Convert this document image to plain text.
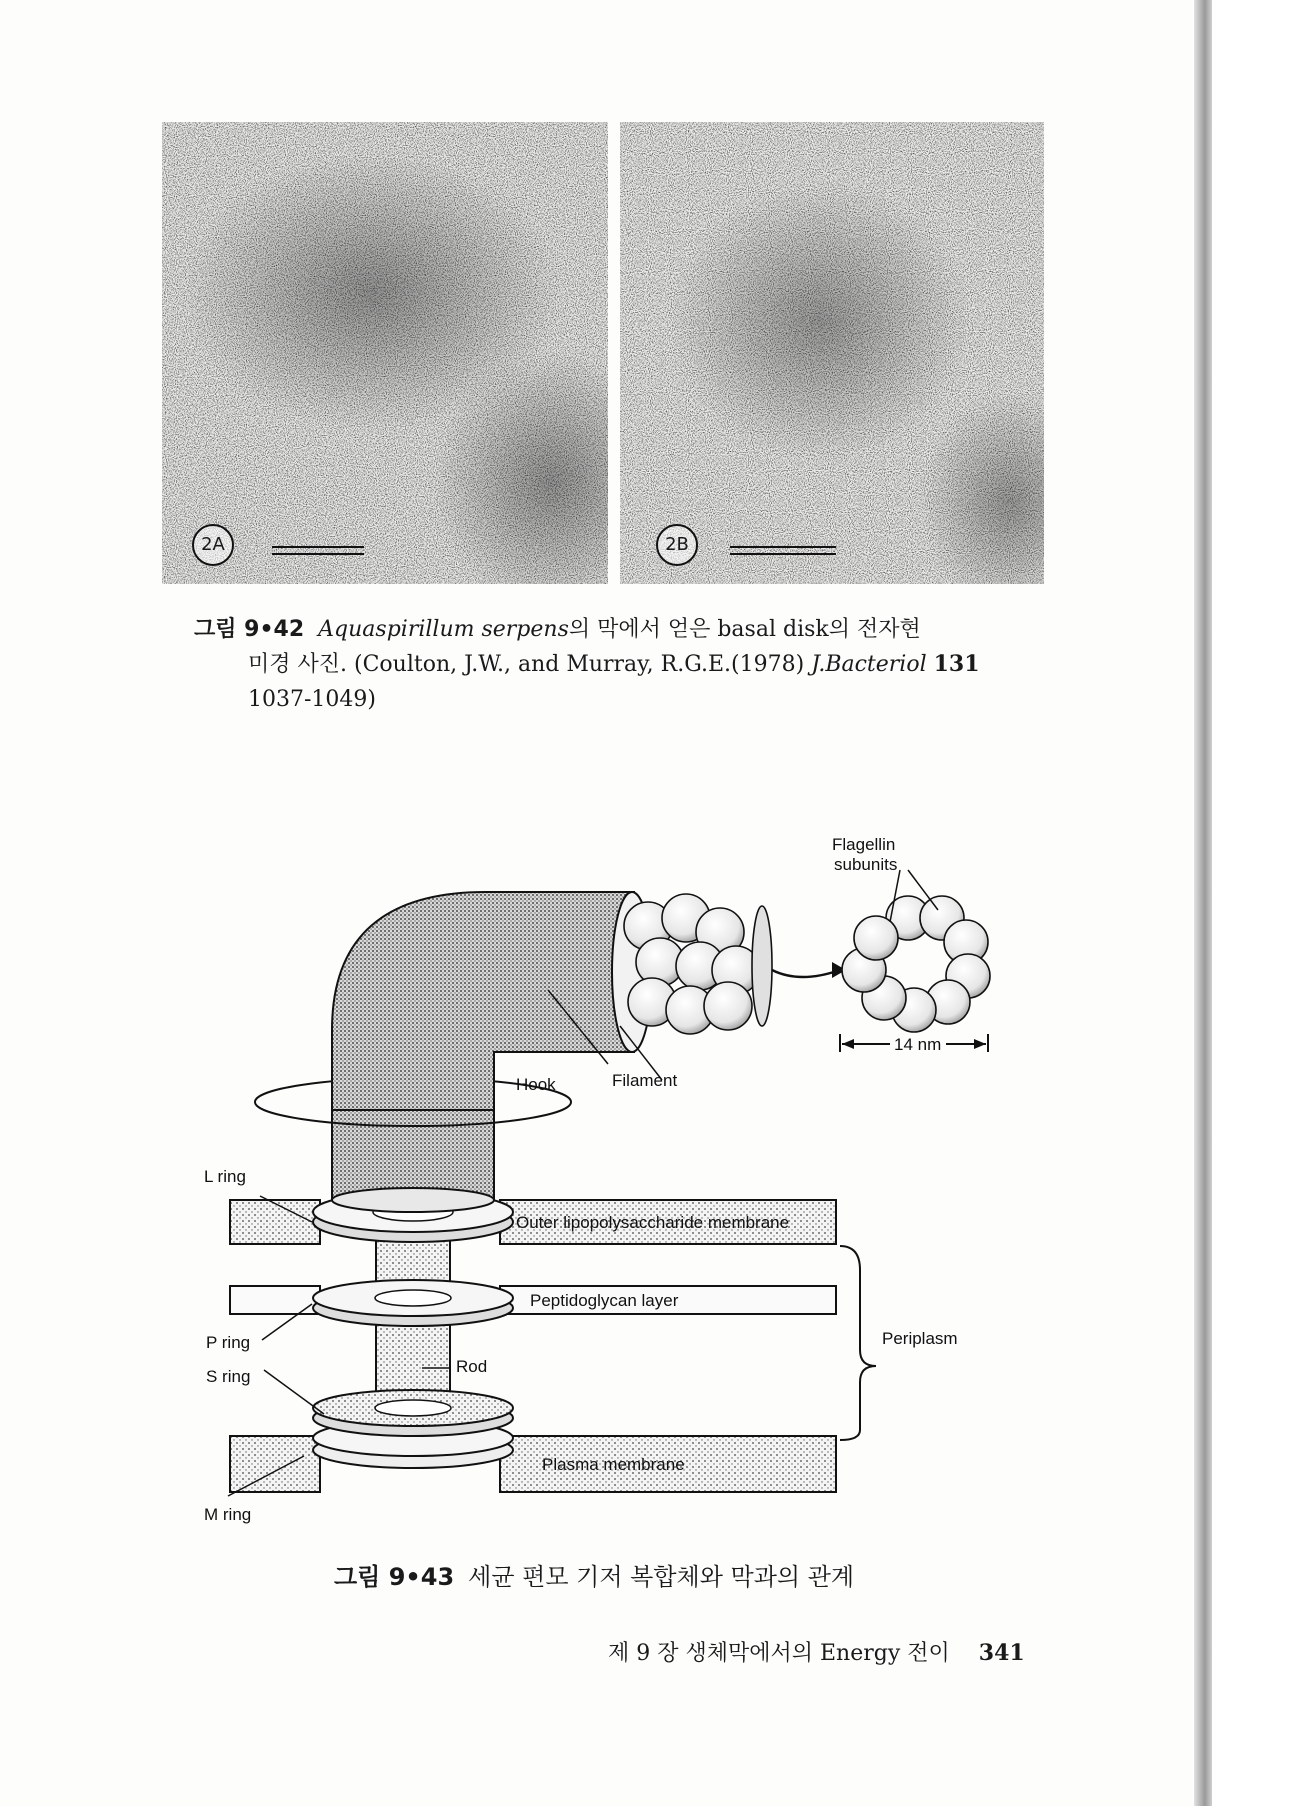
2A	2B
그림 9•42 Aquaspirillum serpens의 막에서 얻은 basal disk의 전자현
미경 사진. (Coulton, J.W., and Murray, R.G.E.(1978) J.Bacteriol 131
1037-1049)
Flagellin
subunits
14 nm
Filament
Hook
L ring
Outer lipopolysaccharide membrane
Peptidoglycan layer
Periplasm
P ring
Rod
S ring
Plasma membrane
M ring
그림 9•43 세균 편모 기저 복합체와 막과의 관계
제 9 장 생체막에서의 Energy 전이 341
